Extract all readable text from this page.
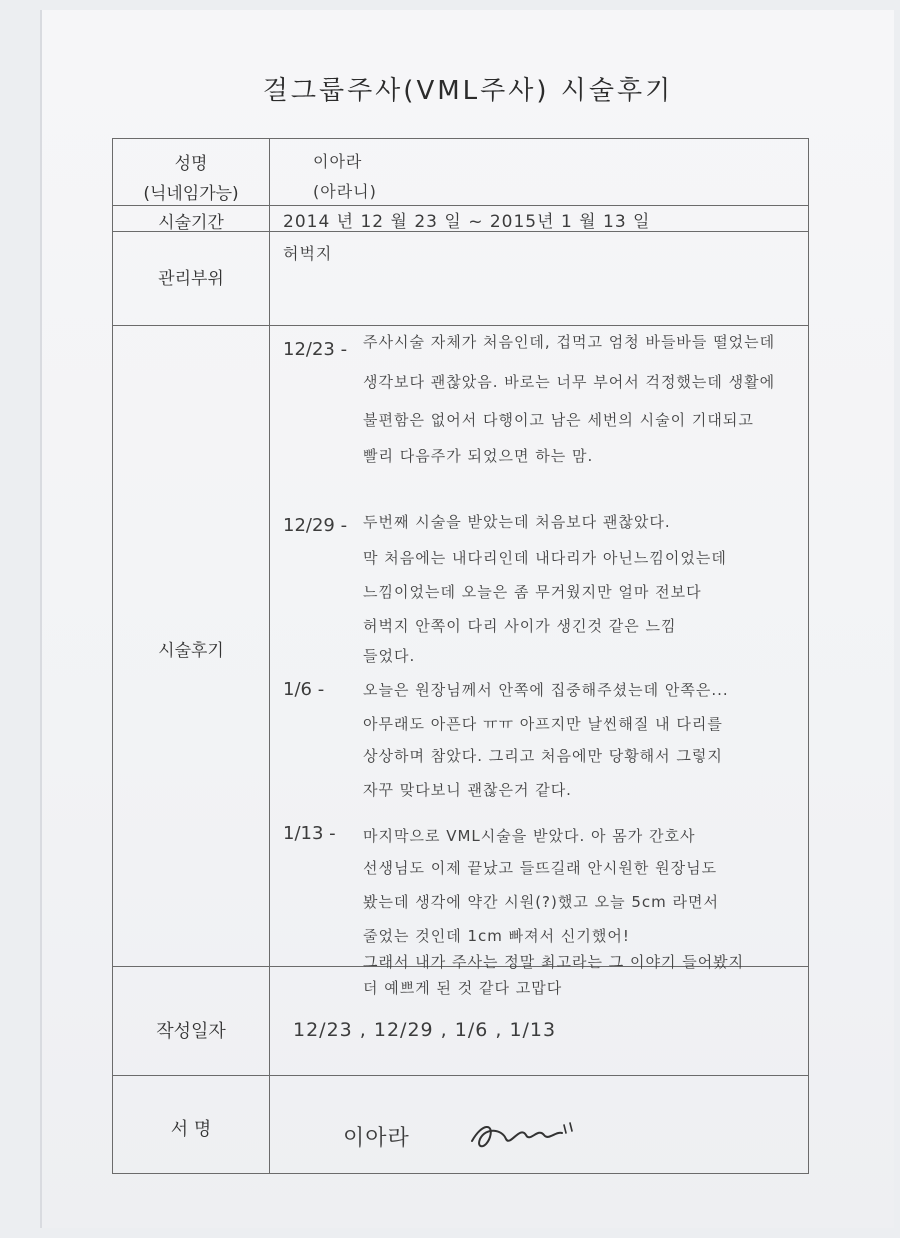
걸그룹주사(VML주사) 시술후기
성명
(닉네임가능)
시술기간
관리부위
시술후기
작성일자
서 명
이아라
(아라니)
2014 년 12 월 23 일 ~ 2015년 1 월 13 일
허벅지
12/23 , 12/29 , 1/6 , 1/13
이아라
12/23 - 주사시술 자체가 처음인데, 겁먹고 엄청 바들바들 떨었는데
생각보다 괜찮았음. 바로는 너무 부어서 걱정했는데 생활에
불편함은 없어서 다행이고 남은 세번의 시술이 기대되고
빨리 다음주가 되었으면 하는 맘.
12/29 - 두번째 시술을 받았는데 처음보다 괜찮았다.
막 처음에는 내다리인데 내다리가 아닌느낌이었는데
느낌이었는데 오늘은 좀 무거웠지만 얼마 전보다
허벅지 안쪽이 다리 사이가 생긴것 같은 느낌
들었다.
1/6 -	오늘은 원장님께서 안쪽에 집중해주셨는데 안쪽은...
아무래도 아픈다 ㅠㅠ 아프지만 날씬해질 내 다리를
상상하며 참았다. 그리고 처음에만 당황해서 그렇지
자꾸 맞다보니 괜찮은거 같다.
1/13 - 마지막으로 VML시술을 받았다. 아 몸가 간호사
선생님도 이제 끝났고 들뜨길래 안시원한 원장님도
봤는데 생각에 약간 시원(?)했고 오늘 5cm 라면서
줄었는 것인데 1cm 빠져서 신기했어!
그래서 내가 주사는 정말 최고라는 그 이야기 들어봤지
더 예쁘게 된 것 같다 고맙다
